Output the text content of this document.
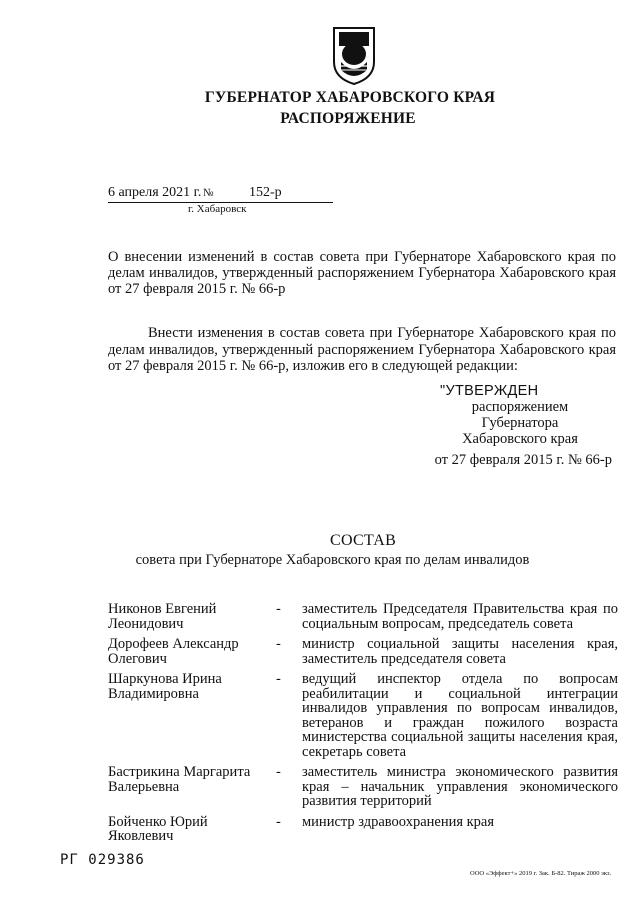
ГУБЕРНАТОР ХАБАРОВСКОГО КРАЯ
РАСПОРЯЖЕНИЕ
6 апреля 2021 г. №	152-р
г. Хабаровск
О внесении изменений в состав совета при Губернаторе Хабаровского края по делам инвалидов, утвержденный распоряжением Губернатора Хабаровского края от 27 февраля 2015 г. № 66-р
Внести изменения в состав совета при Губернаторе Хабаровского края по делам инвалидов, утвержденный распоряжением Губернатора Хабаровского края от 27 февраля 2015 г. № 66-р, изложив его в следующей редакции:
"УТВЕРЖДЕН
распоряжением
Губернатора
Хабаровского края
от 27 февраля 2015 г. № 66-р
СОСТАВ
совета при Губернаторе Хабаровского края по делам инвалидов
Никонов Евгений Леонидович
-	заместитель Председателя Правительства края по социальным вопросам, председатель совета
Дорофеев Александр Олегович
-	министр социальной защиты населения края, заместитель председателя совета
Шаркунова Ирина Владимировна
-	ведущий инспектор отдела по вопросам реабилитации и социальной интеграции инвалидов управления по вопросам инвалидов, ветеранов и граждан пожилого возраста министерства социальной защиты населения края, секретарь совета
Бастрикина Маргарита Валерьевна
-	заместитель министра экономического развития края – начальник управления экономического развития территорий
Бойченко Юрий Яковлевич
-	министр здравоохранения края
РГ 029386
ООО «Эффект+» 2019 г. Зак. Б-82. Тираж 2000 экз.
